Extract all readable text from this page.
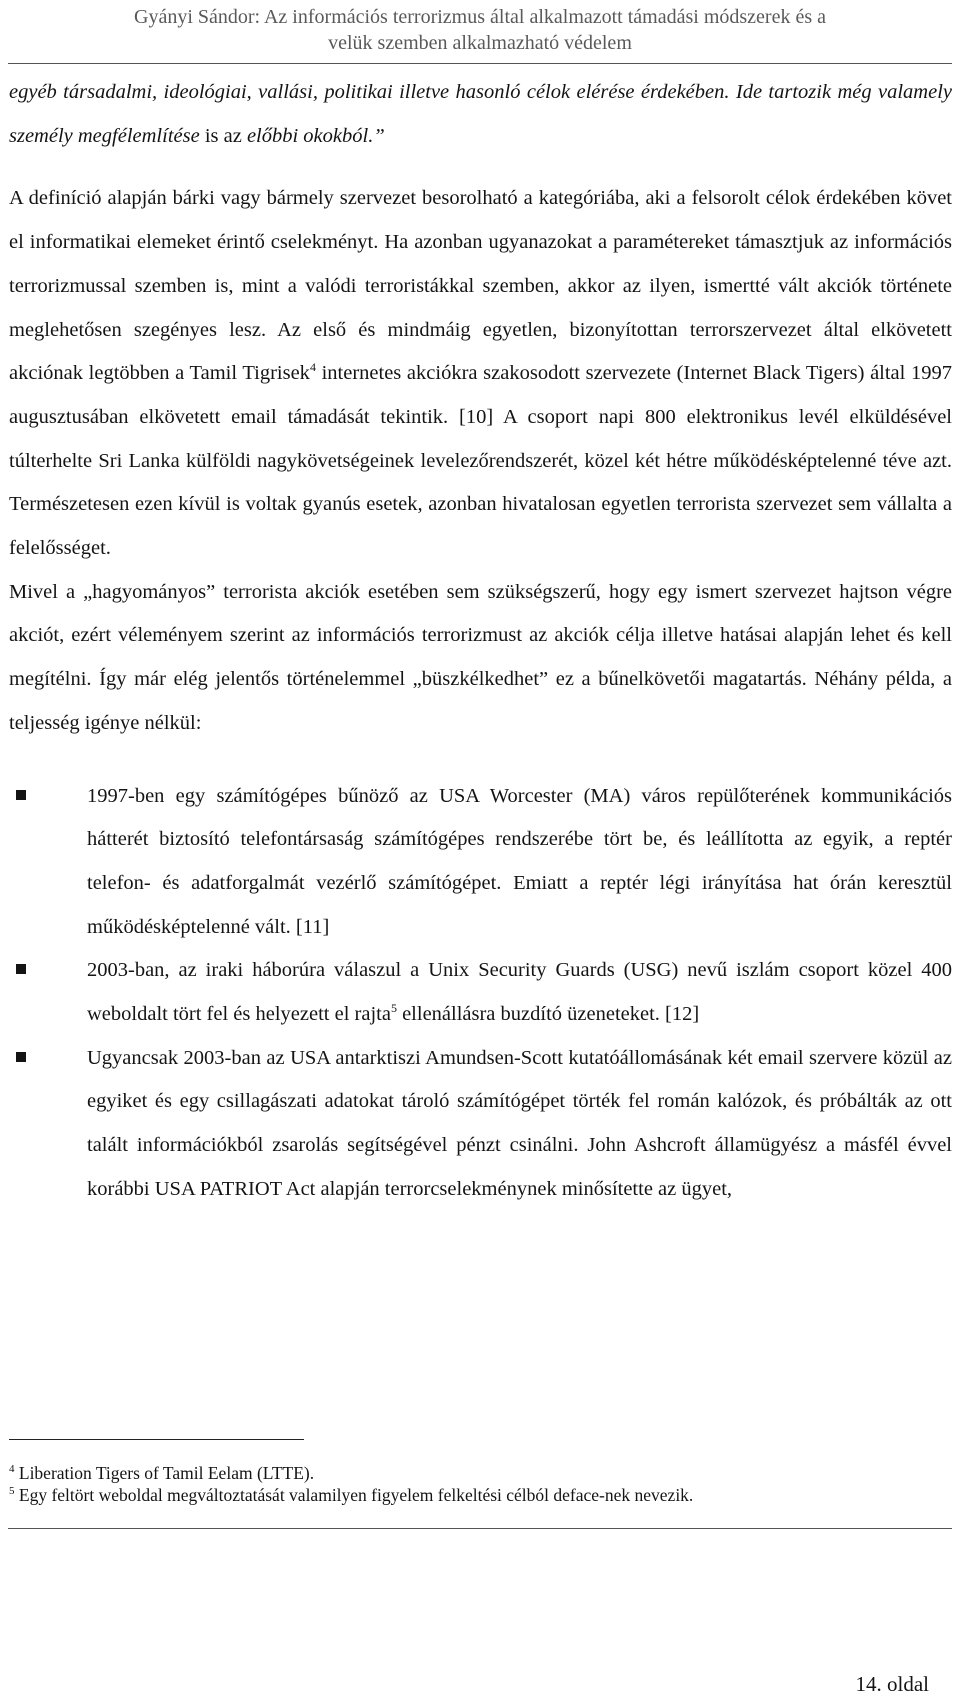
Gyányi Sándor: Az információs terrorizmus által alkalmazott támadási módszerek és a
velük szemben alkalmazható védelem

egyéb társadalmi, ideológiai, vallási, politikai illetve hasonló célok elérése érdekében. Ide tartozik még valamely személy megfélemlítése is az előbbi okokból.”

A definíció alapján bárki vagy bármely szervezet besorolható a kategóriába, aki a felsorolt célok érdekében követ el informatikai elemeket érintő cselekményt. Ha azonban ugyanazokat a paramétereket támasztjuk az információs terrorizmussal szemben is, mint a valódi terroristákkal szemben, akkor az ilyen, ismertté vált akciók története meglehetősen szegényes lesz. Az első és mindmáig egyetlen, bizonyítottan terrorszervezet által elkövetett akciónak legtöbben a Tamil Tigrisek$^4$ internetes akciókra szakosodott szervezete (Internet Black Tigers) által 1997 augusztusában elkövetett email támadását tekintik. [10] A csoport napi 800 elektronikus levél elküldésével túlterhelte Sri Lanka külföldi nagykövetségeinek levelezőrendszerét, közel két hétre működésképtelenné téve azt. Természetesen ezen kívül is voltak gyanús esetek, azonban hivatalosan egyetlen terrorista szervezet sem vállalta a felelősséget.

Mivel a „hagyományos” terrorista akciók esetében sem szükségszerű, hogy egy ismert szervezet hajtson végre akciót, ezért véleményem szerint az információs terrorizmust az akciók célja illetve hatásai alapján lehet és kell megítélni. Így már elég jelentős történelemmel „büszkélkedhet” ez a bűnelkövetői magatartás. Néhány példa, a teljesség igénye nélkül:

1997-ben egy számítógépes bűnöző az USA Worcester (MA) város repülőterének kommunikációs hátterét biztosító telefontársaság számítógépes rendszerébe tört be, és leállította az egyik, a reptér telefon- és adatforgalmát vezérlő számítógépet. Emiatt a reptér légi irányítása hat órán keresztül működésképtelenné vált. [11]
2003-ban, az iraki háborúra válaszul a Unix Security Guards (USG) nevű iszlám csoport közel 400 weboldalt tört fel és helyezett el rajta$^5$ ellenállásra buzdító üzeneteket. [12]
Ugyancsak 2003-ban az USA antarktiszi Amundsen-Scott kutatóállomásának két email szervere közül az egyiket és egy csillagászati adatokat tároló számítógépet törték fel román kalózok, és próbálták az ott talált információkból zsarolás segítségével pénzt csinálni. John Ashcroft államügyész a másfél évvel korábbi USA PATRIOT Act alapján terrorcselekménynek minősítette az ügyet,
$^4$ Liberation Tigers of Tamil Eelam (LTTE).
$^5$ Egy feltört weboldal megváltoztatását valamilyen figyelem felkeltési célból deface-nek nevezik.
14. oldal
